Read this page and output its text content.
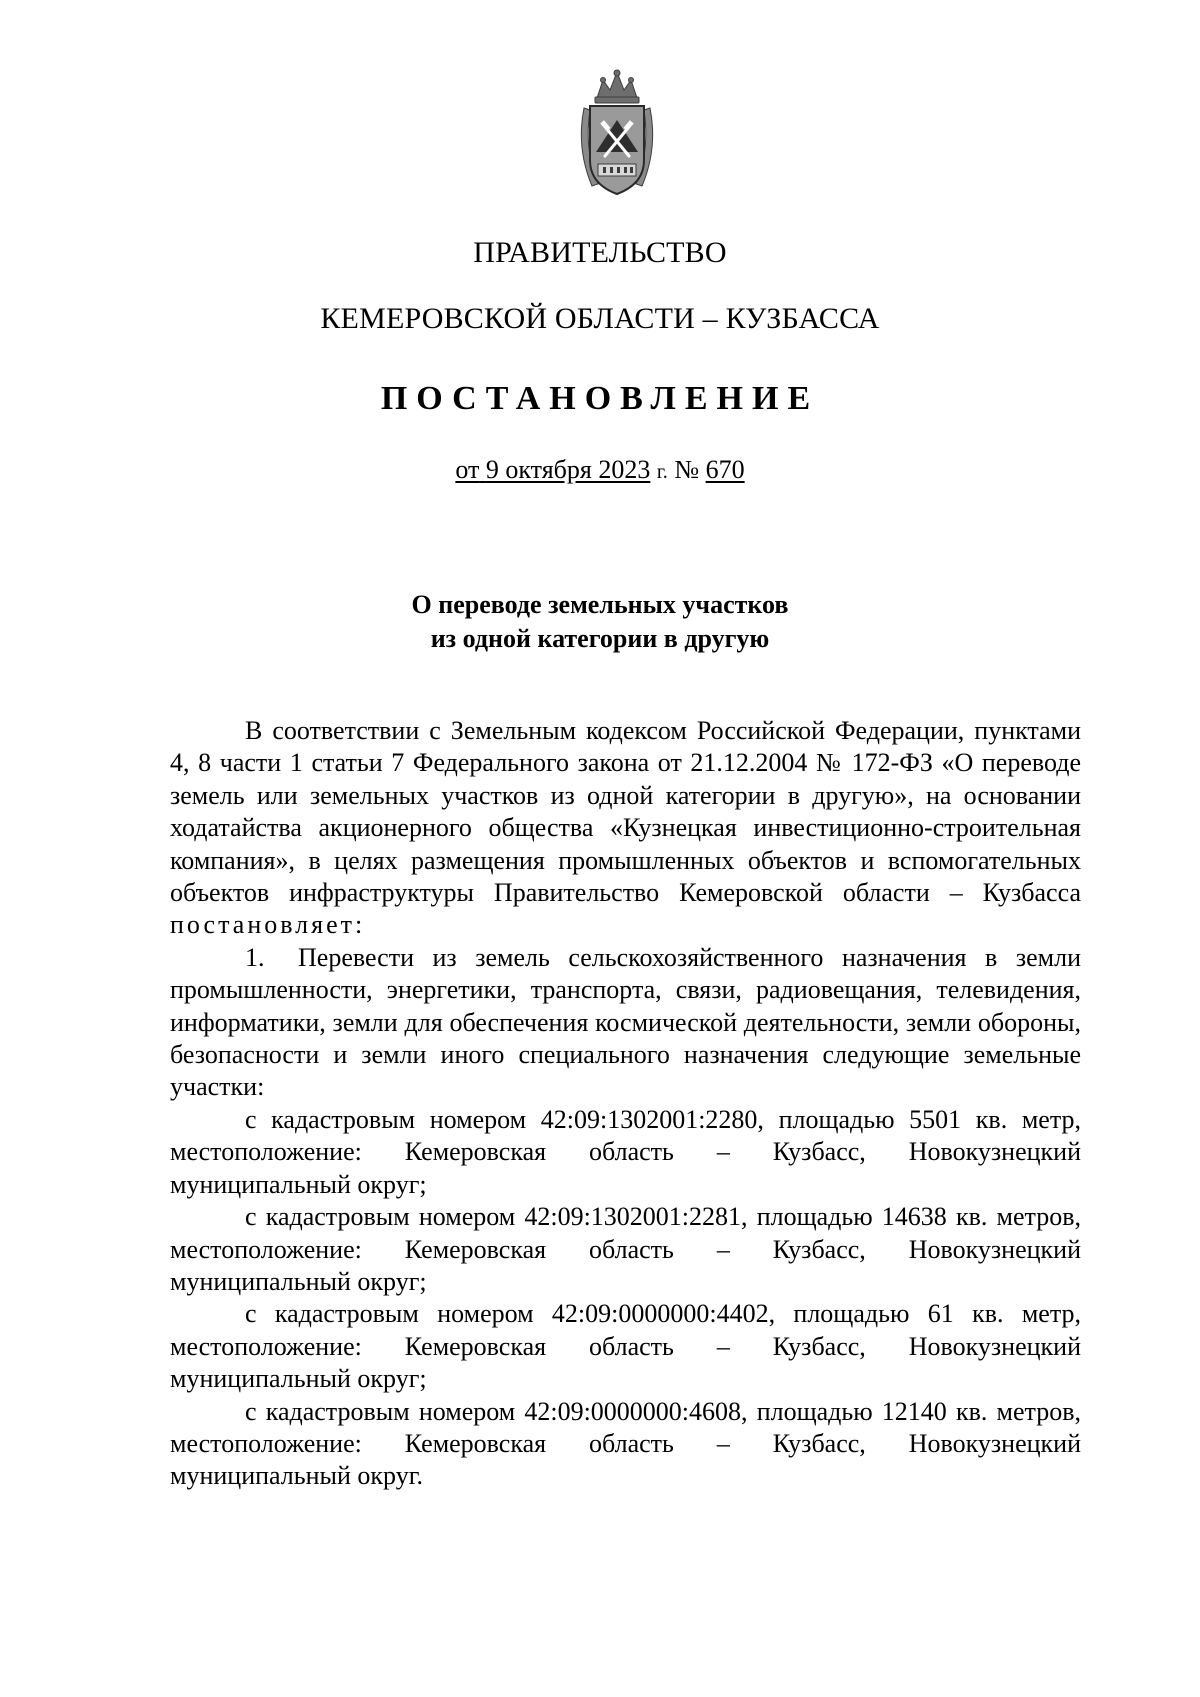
ПРАВИТЕЛЬСТВО
КЕМЕРОВСКОЙ ОБЛАСТИ – КУЗБАССА
ПОСТАНОВЛЕНИЕ
от 9 октября 2023 г. № 670
О переводе земельных участков
из одной категории в другую

В соответствии с Земельным кодексом Российской Федерации, пунктами 4, 8 части 1 статьи 7 Федерального закона от 21.12.2004 № 172-ФЗ «О переводе земель или земельных участков из одной категории в другую», на основании ходатайства акционерного общества «Кузнецкая инвестиционно-строительная компания», в целях размещения промышленных объектов и вспомогательных объектов инфраструктуры Правительство Кемеровской области – Кузбасса постановляет:

1. Перевести из земель сельскохозяйственного назначения в земли промышленности, энергетики, транспорта, связи, радиовещания, телевидения, информатики, земли для обеспечения космической деятельности, земли обороны, безопасности и земли иного специального назначения следующие земельные участки:

с кадастровым номером 42:09:1302001:2280, площадью 5501 кв. метр, местоположение: Кемеровская область – Кузбасс, Новокузнецкий муниципальный округ;

с кадастровым номером 42:09:1302001:2281, площадью 14638 кв. метров, местоположение: Кемеровская область – Кузбасс, Новокузнецкий муниципальный округ;

с кадастровым номером 42:09:0000000:4402, площадью 61 кв. метр, местоположение: Кемеровская область – Кузбасс, Новокузнецкий муниципальный округ;

с кадастровым номером 42:09:0000000:4608, площадью 12140 кв. метров, местоположение: Кемеровская область – Кузбасс, Новокузнецкий муниципальный округ.
